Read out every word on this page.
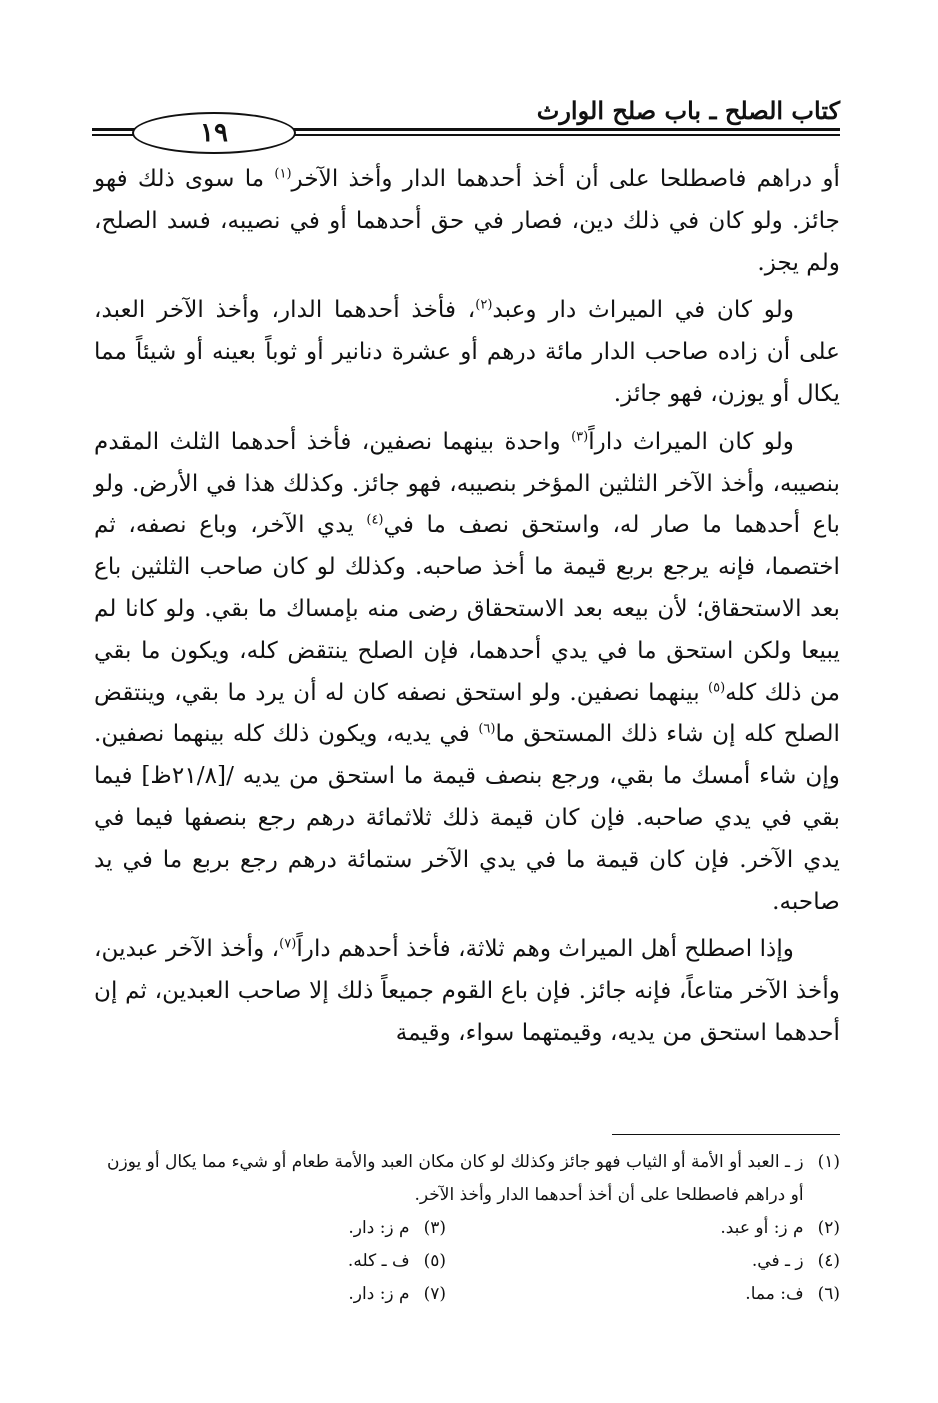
كتاب الصلح ـ باب صلح الوارث
١٩

أو دراهم فاصطلحا على أن أخذ أحدهما الدار وأخذ الآخر$^{(١)}$ ما سوى ذلك فهو جائز. ولو كان في ذلك دين، فصار في حق أحدهما أو في نصيبه، فسد الصلح، ولم يجز.

ولو كان في الميراث دار وعبد$^{(٢)}$، فأخذ أحدهما الدار، وأخذ الآخر العبد، على أن زاده صاحب الدار مائة درهم أو عشرة دنانير أو ثوباً بعينه أو شيئاً مما يكال أو يوزن، فهو جائز.

ولو كان الميراث داراً$^{(٣)}$ واحدة بينهما نصفين، فأخذ أحدهما الثلث المقدم بنصيبه، وأخذ الآخر الثلثين المؤخر بنصيبه، فهو جائز. وكذلك هذا في الأرض. ولو باع أحدهما ما صار له، واستحق نصف ما في$^{(٤)}$ يدي الآخر، وباع نصفه، ثم اختصما، فإنه يرجع بربع قيمة ما أخذ صاحبه. وكذلك لو كان صاحب الثلثين باع بعد الاستحقاق؛ لأن بيعه بعد الاستحقاق رضى منه بإمساك ما بقي. ولو كانا لم يبيعا ولكن استحق ما في يدي أحدهما، فإن الصلح ينتقض كله، ويكون ما بقي من ذلك كله$^{(٥)}$ بينهما نصفين. ولو استحق نصفه كان له أن يرد ما بقي، وينتقض الصلح كله إن شاء ذلك المستحق ما$^{(٦)}$ في يديه، ويكون ذلك كله بينهما نصفين. وإن شاء أمسك ما بقي، ورجع بنصف قيمة ما استحق من يديه /[٢١/٨ظ] فيما بقي في يدي صاحبه. فإن كان قيمة ذلك ثلاثمائة درهم رجع بنصفها فيما في يدي الآخر. فإن كان قيمة ما في يدي الآخر ستمائة درهم رجع بربع ما في يد صاحبه.

وإذا اصطلح أهل الميراث وهم ثلاثة، فأخذ أحدهم داراً$^{(٧)}$، وأخذ الآخر عبدين، وأخذ الآخر متاعاً، فإنه جائز. فإن باع القوم جميعاً ذلك إلا صاحب العبدين، ثم إن أحدهما استحق من يديه، وقيمتهما سواء، وقيمة

(١)
ز ـ العبد أو الأمة أو الثياب فهو جائز وكذلك لو كان مكان العبد والأمة طعام أو شيء مما يكال أو يوزن أو دراهم فاصطلحا على أن أخذ أحدهما الدار وأخذ الآخر.
(٢)
م ز: أو عبد.
(٣)
م ز: دار.
(٤)
ز ـ في.
(٥)
ف ـ كله.
(٦)
ف: مما.
(٧)
م ز: دار.
